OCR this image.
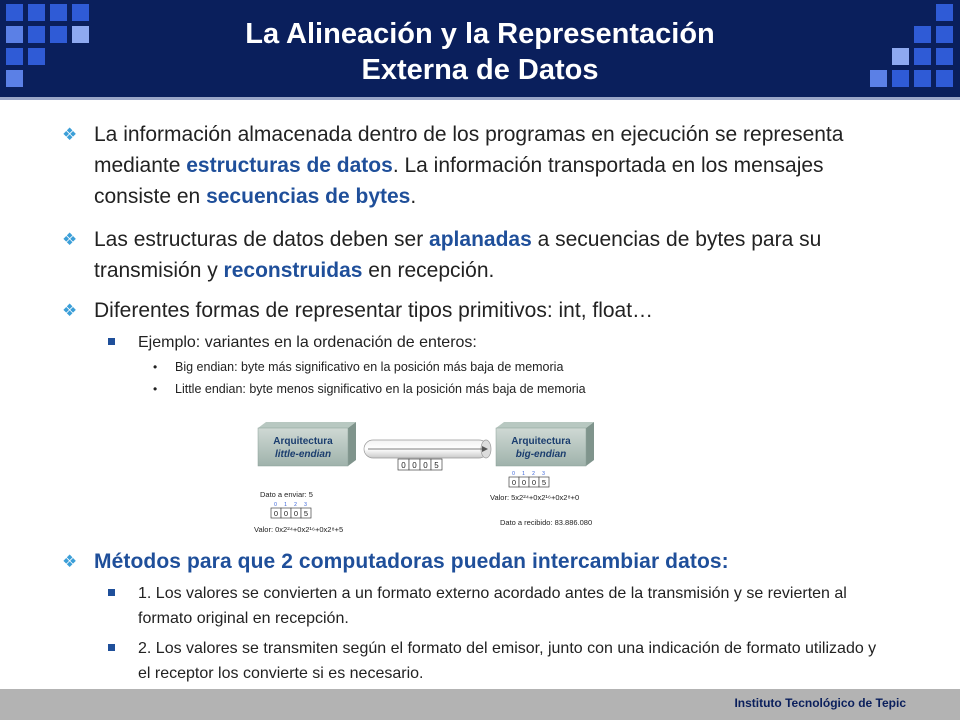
La Alineación y la Representación
Externa de Datos
❖ La información almacenada dentro de los programas en ejecución se representa mediante estructuras de datos. La información transportada en los mensajes consiste en secuencias de bytes.
❖ Las estructuras de datos deben ser aplanadas a secuencias de bytes para su transmisión y reconstruidas en recepción.
❖ Diferentes formas de representar tipos primitivos: int, float…
Ejemplo: variantes en la ordenación de enteros:
• Big endian: byte más significativo en la posición más baja de memoria
• Little endian: byte menos significativo en la posición más baja de memoria
Arquitectura
little-endian
Arquitectura
big-endian
0 0 0 5
Dato a enviar: 5
0 1 2 3
0 0 0 5
Valor: 0x2²⁴+0x2¹⁶+0x2⁸+5
0 1 2 3
0 0 0 5
Valor: 5x2²⁴+0x2¹⁶+0x2⁸+0
Dato a recibido: 83.886.080
❖ Métodos para que 2 computadoras puedan intercambiar datos:
1. Los valores se convierten a un formato externo acordado antes de la transmisión y se revierten al formato original en recepción.
2. Los valores se transmiten según el formato del emisor, junto con una indicación de formato utilizado y el receptor los convierte si es necesario.
Instituto Tecnológico de Tepic
